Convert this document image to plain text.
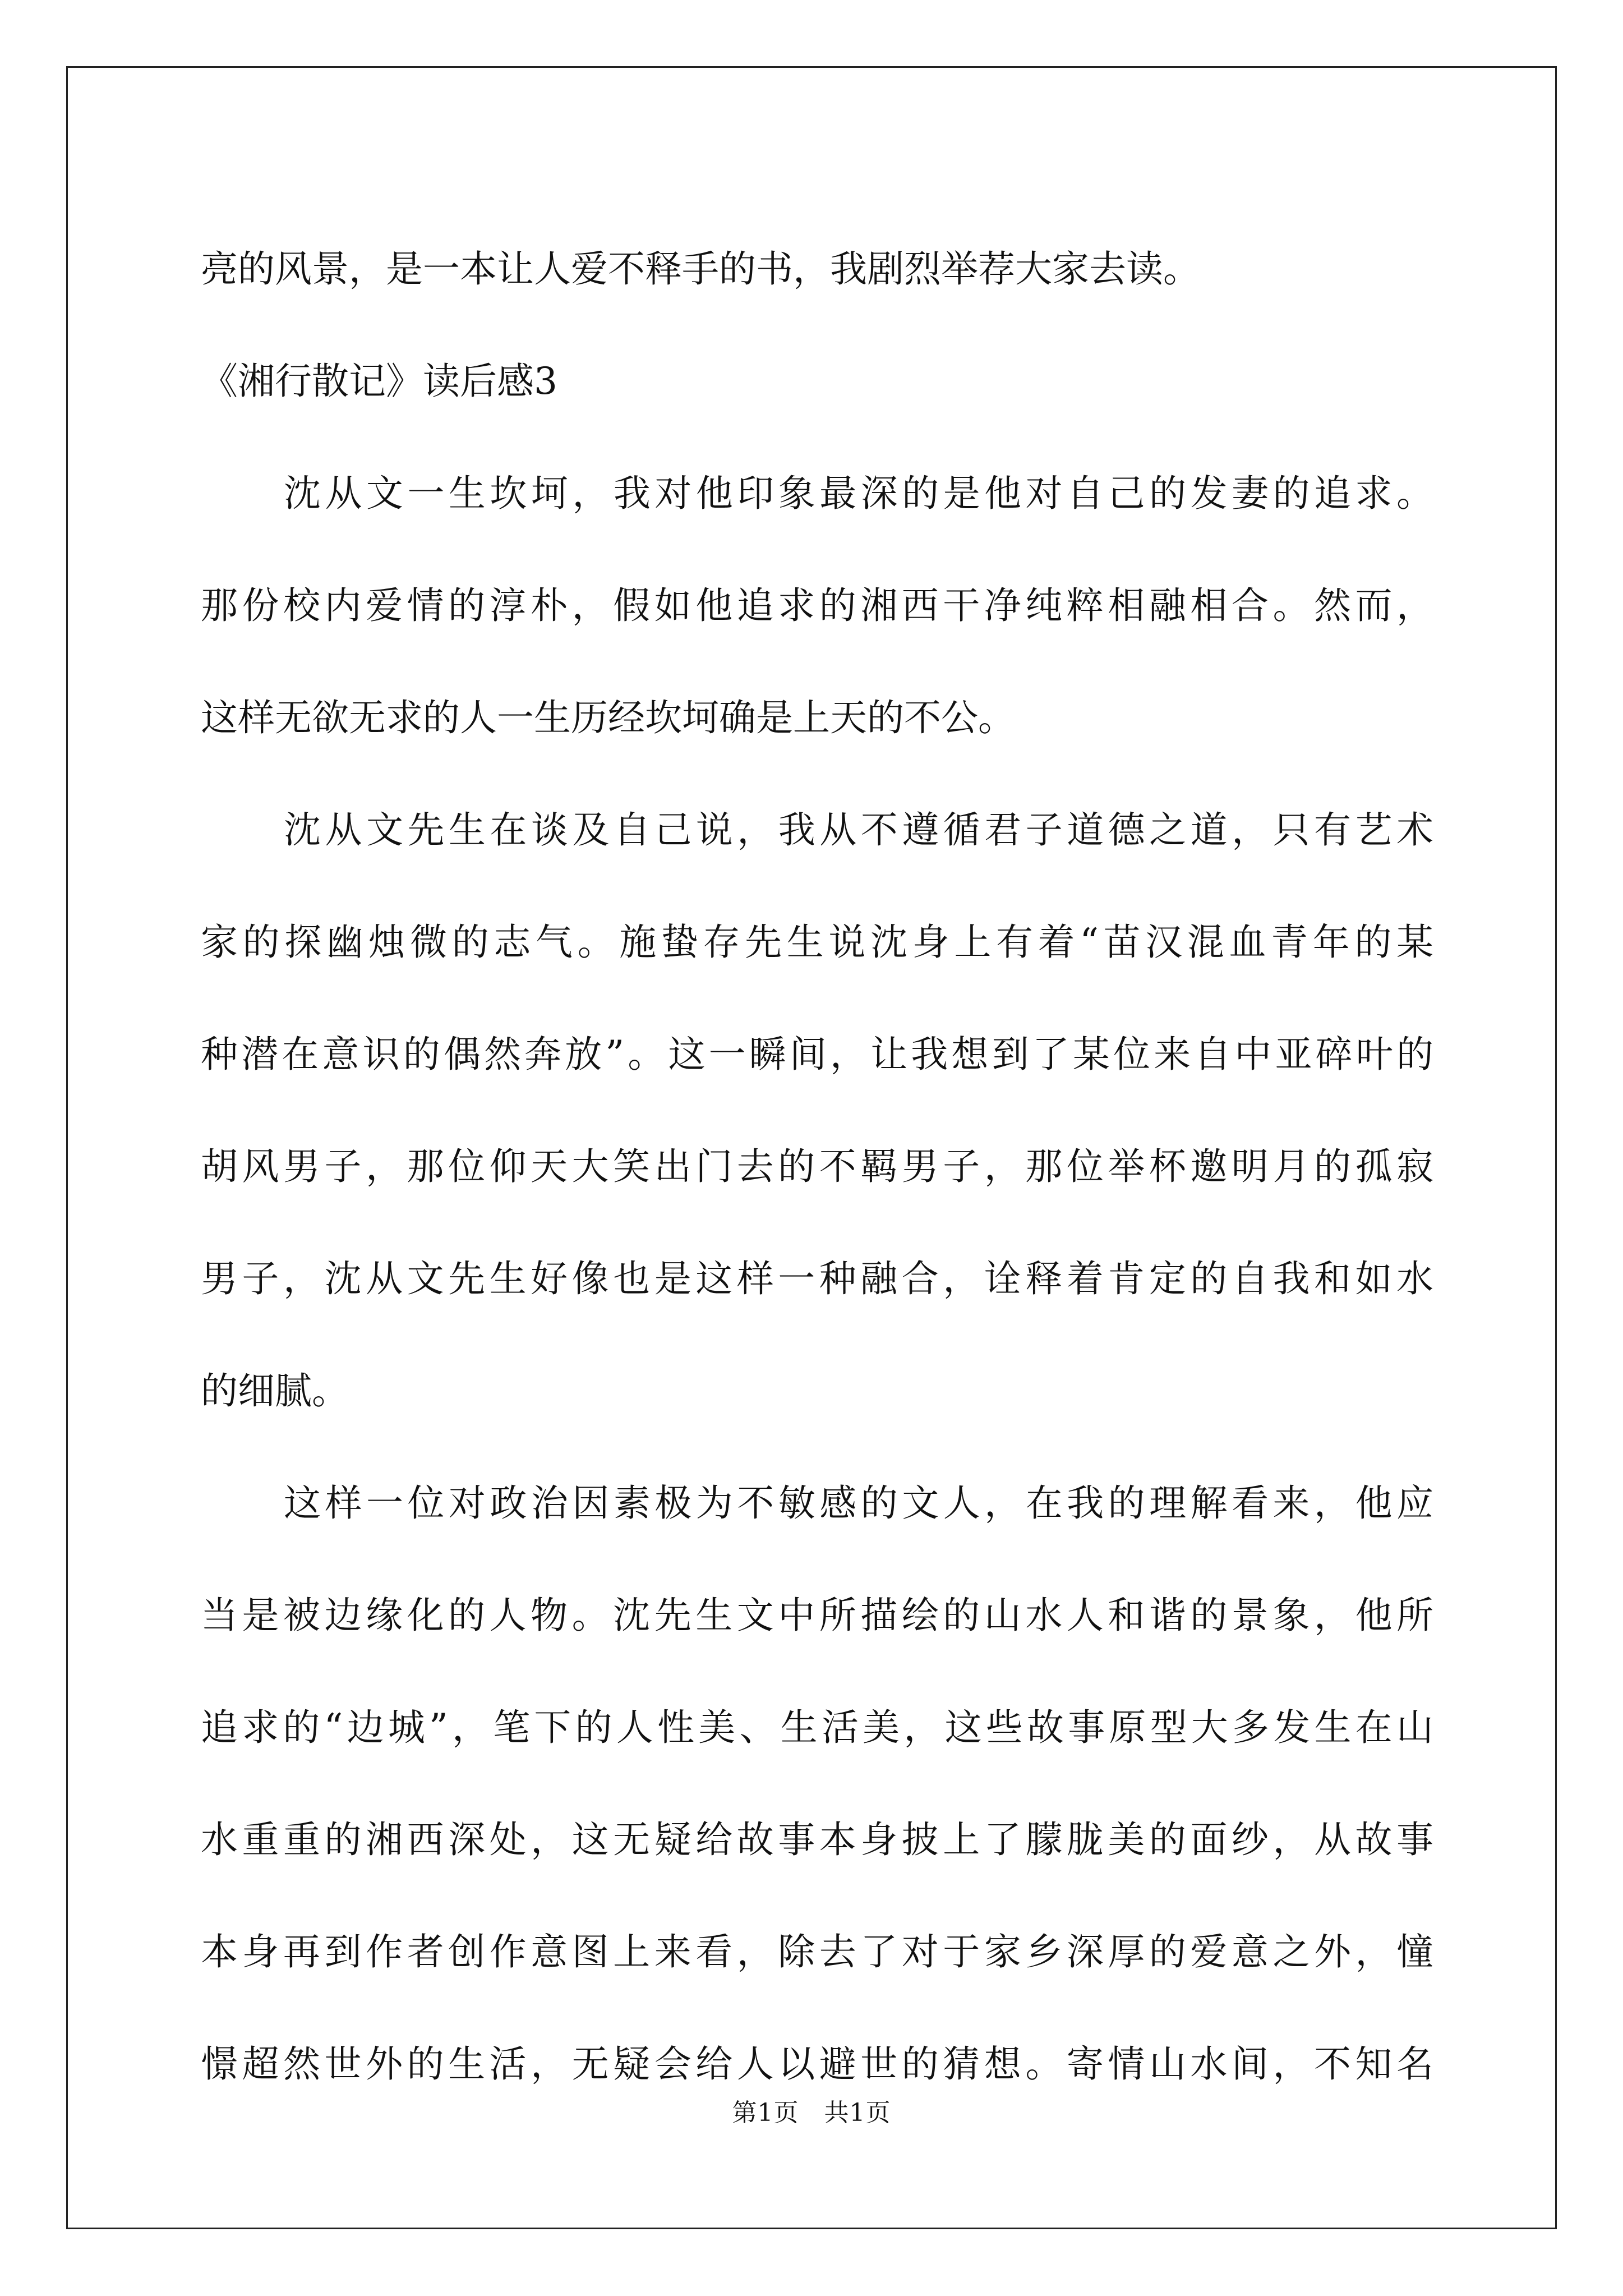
亮的风景，是一本让人爱不释手的书，我剧烈举荐大家去读。
《湘行散记》读后感3
沈从文一生坎坷，我对他印象最深的是他对自己的发妻的追求。
那份校内爱情的淳朴，假如他追求的湘西干净纯粹相融相合。然而，
这样无欲无求的人一生历经坎坷确是上天的不公。
沈从文先生在谈及自己说，我从不遵循君子道德之道，只有艺术
家的探幽烛微的志气。施蛰存先生说沈身上有着“苗汉混血青年的某
种潜在意识的偶然奔放”。这一瞬间，让我想到了某位来自中亚碎叶的
胡风男子，那位仰天大笑出门去的不羁男子，那位举杯邀明月的孤寂
男子，沈从文先生好像也是这样一种融合，诠释着肯定的自我和如水
的细腻。
这样一位对政治因素极为不敏感的文人，在我的理解看来，他应
当是被边缘化的人物。沈先生文中所描绘的山水人和谐的景象，他所
追求的“边城”，笔下的人性美、生活美，这些故事原型大多发生在山
水重重的湘西深处，这无疑给故事本身披上了朦胧美的面纱，从故事
本身再到作者创作意图上来看，除去了对于家乡深厚的爱意之外，憧
憬超然世外的生活，无疑会给人以避世的猜想。寄情山水间，不知名
第1页　共1页
